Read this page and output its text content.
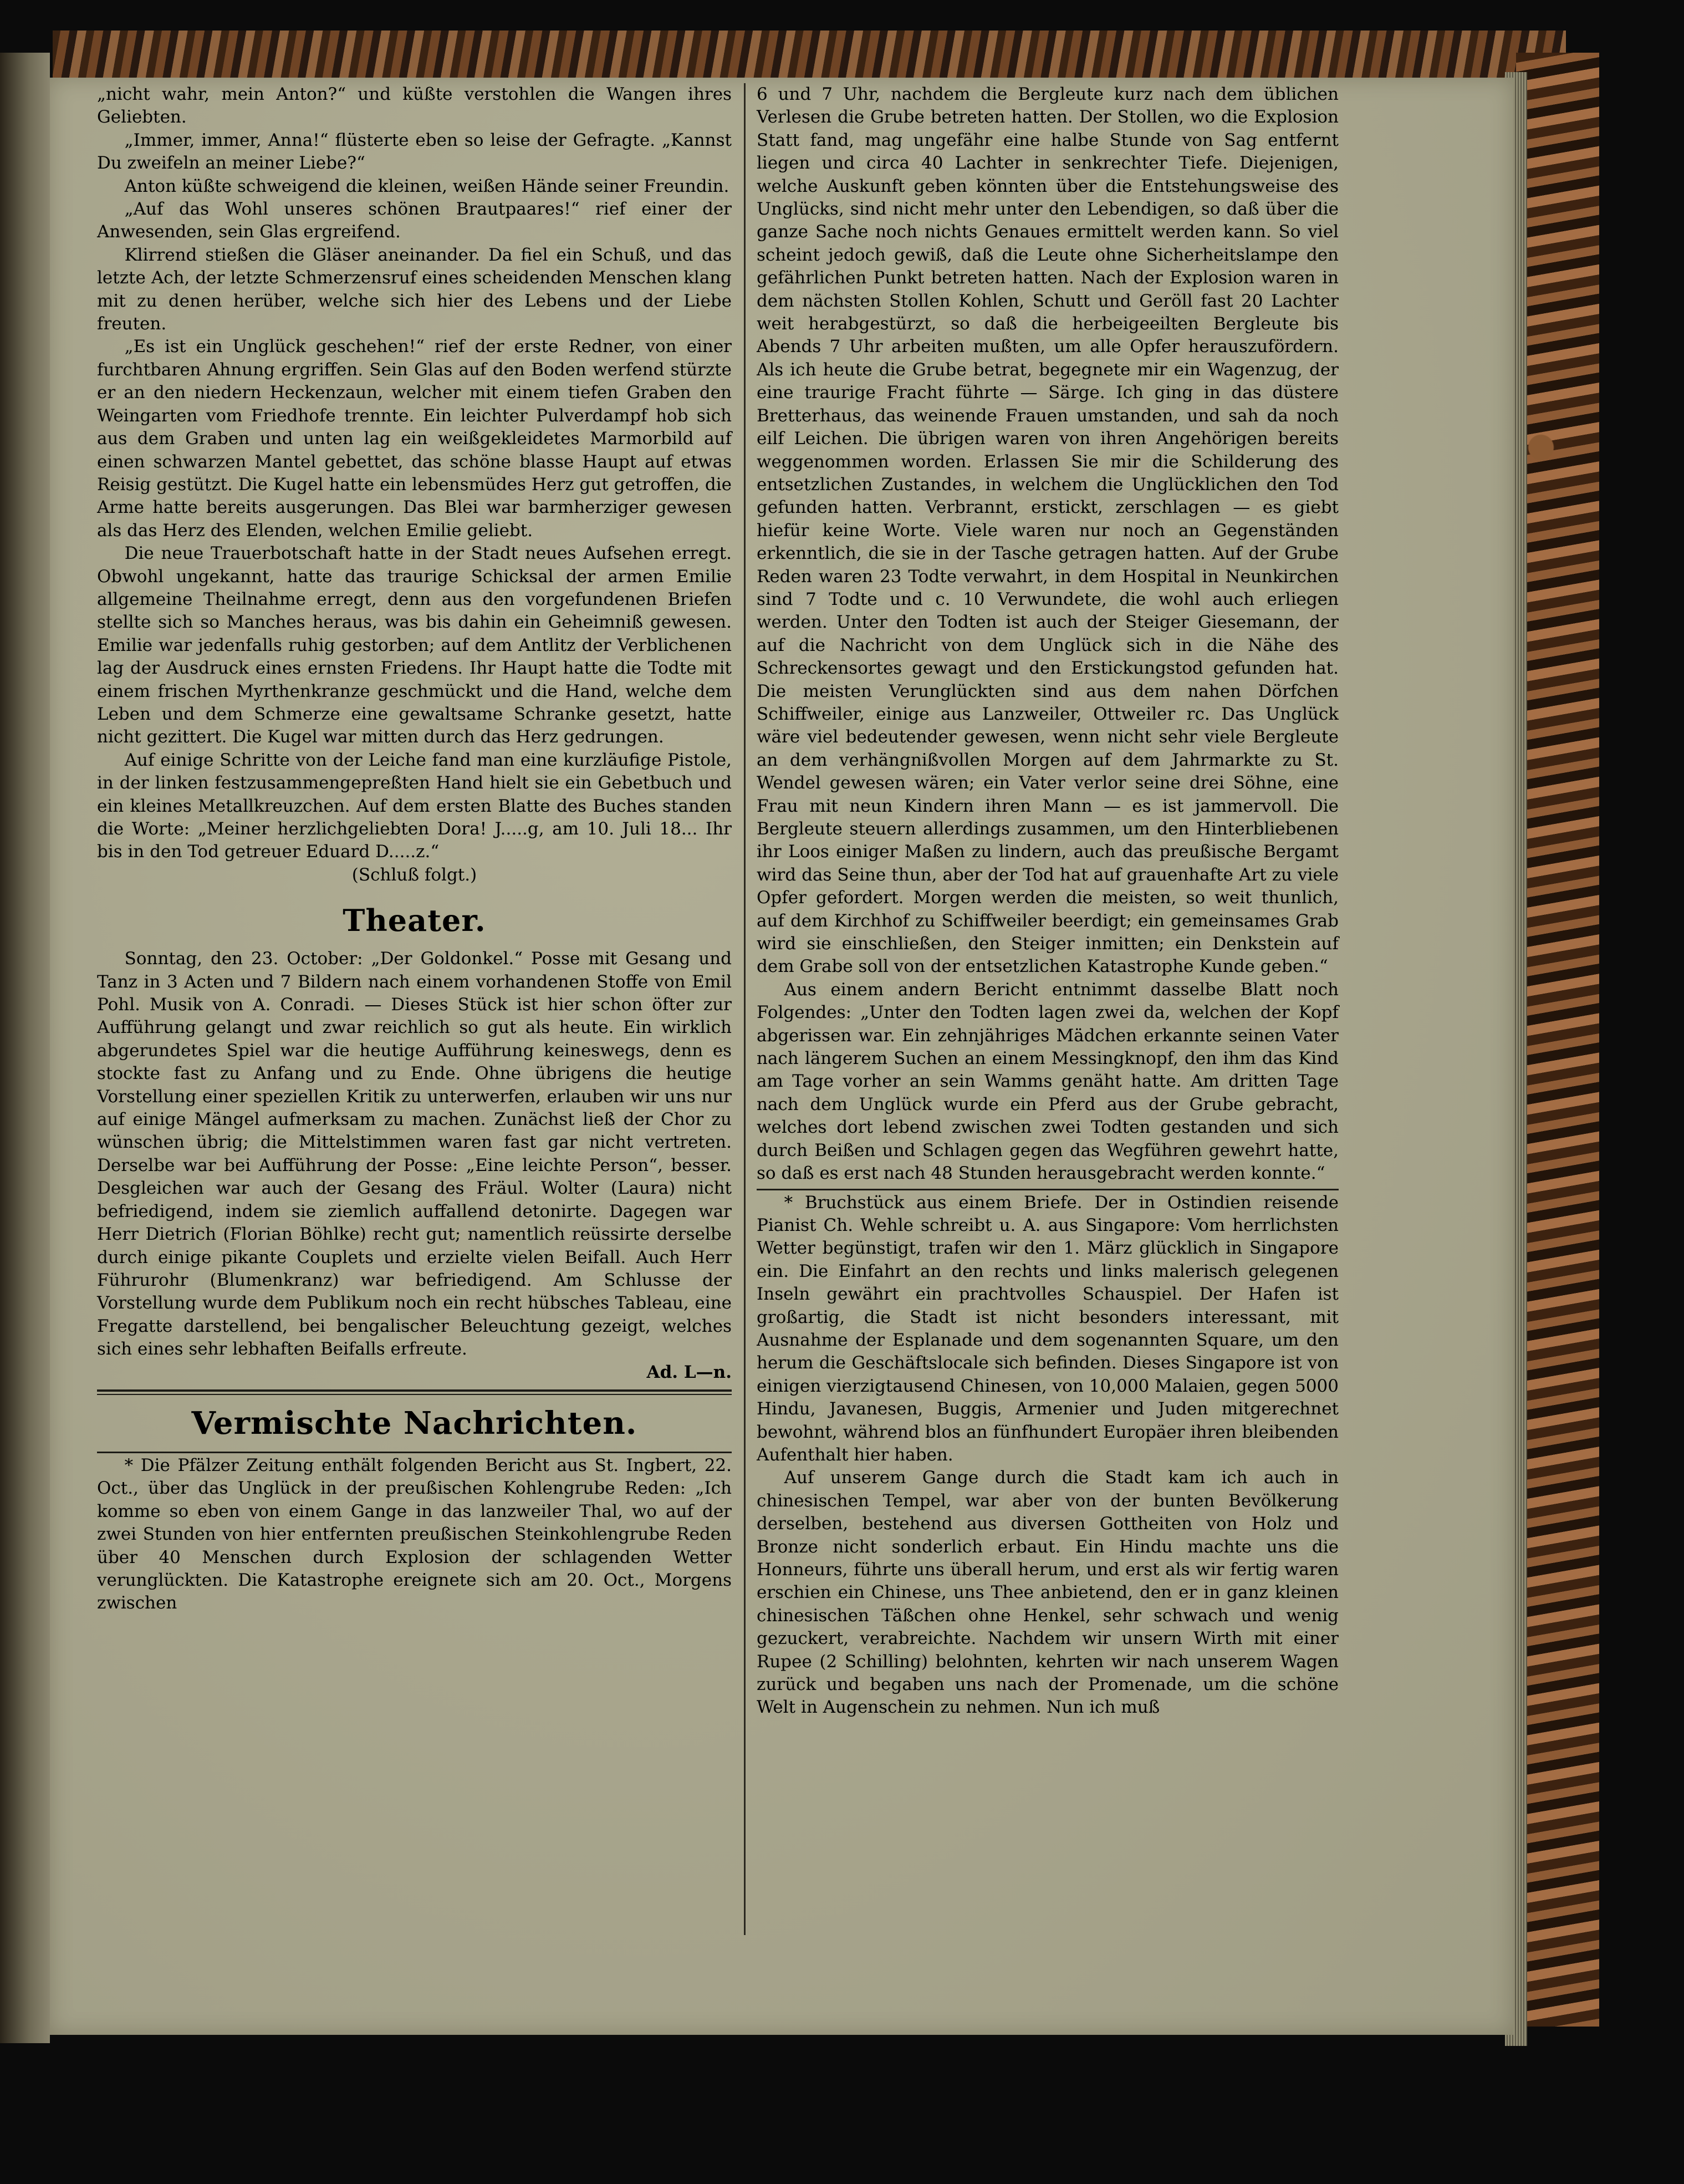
„nicht wahr, mein Anton?“ und küßte verstohlen die Wangen ihres Geliebten.

„Immer, immer, Anna!“ flüsterte eben so leise der Gefragte. „Kannst Du zweifeln an meiner Liebe?“

Anton küßte schweigend die kleinen, weißen Hände seiner Freundin.

„Auf das Wohl unseres schönen Brautpaares!“ rief einer der Anwesenden, sein Glas ergreifend.

Klirrend stießen die Gläser aneinander. Da fiel ein Schuß, und das letzte Ach, der letzte Schmerzensruf eines scheidenden Menschen klang mit zu denen herüber, welche sich hier des Lebens und der Liebe freuten.

„Es ist ein Unglück geschehen!“ rief der erste Redner, von einer furchtbaren Ahnung ergriffen. Sein Glas auf den Boden werfend stürzte er an den niedern Heckenzaun, welcher mit einem tiefen Graben den Weingarten vom Friedhofe trennte. Ein leichter Pulverdampf hob sich aus dem Graben und unten lag ein weißgekleidetes Marmorbild auf einen schwarzen Mantel gebettet, das schöne blasse Haupt auf etwas Reisig gestützt. Die Kugel hatte ein lebensmüdes Herz gut getroffen, die Arme hatte bereits ausgerungen. Das Blei war barmherziger gewesen als das Herz des Elenden, welchen Emilie geliebt.

Die neue Trauerbotschaft hatte in der Stadt neues Aufsehen erregt. Obwohl ungekannt, hatte das traurige Schicksal der armen Emilie allgemeine Theilnahme erregt, denn aus den vorgefundenen Briefen stellte sich so Manches heraus, was bis dahin ein Geheimniß gewesen. Emilie war jedenfalls ruhig gestorben; auf dem Antlitz der Verblichenen lag der Ausdruck eines ernsten Friedens. Ihr Haupt hatte die Todte mit einem frischen Myrthenkranze geschmückt und die Hand, welche dem Leben und dem Schmerze eine gewaltsame Schranke gesetzt, hatte nicht gezittert. Die Kugel war mitten durch das Herz gedrungen.

Auf einige Schritte von der Leiche fand man eine kurzläufige Pistole, in der linken festzusammengepreßten Hand hielt sie ein Gebetbuch und ein kleines Metallkreuzchen. Auf dem ersten Blatte des Buches standen die Worte: „Meiner herzlichgeliebten Dora! J.....g, am 10. Juli 18... Ihr bis in den Tod getreuer Eduard D.....z.“

(Schluß folgt.)

Theater.

Sonntag, den 23. October: „Der Goldonkel.“ Posse mit Gesang und Tanz in 3 Acten und 7 Bildern nach einem vorhandenen Stoffe von Emil Pohl. Musik von A. Conradi. — Dieses Stück ist hier schon öfter zur Aufführung gelangt und zwar reichlich so gut als heute. Ein wirklich abgerundetes Spiel war die heutige Aufführung keineswegs, denn es stockte fast zu Anfang und zu Ende. Ohne übrigens die heutige Vorstellung einer speziellen Kritik zu unterwerfen, erlauben wir uns nur auf einige Mängel aufmerksam zu machen. Zunächst ließ der Chor zu wünschen übrig; die Mittelstimmen waren fast gar nicht vertreten. Derselbe war bei Aufführung der Posse: „Eine leichte Person“, besser. Desgleichen war auch der Gesang des Fräul. Wolter (Laura) nicht befriedigend, indem sie ziemlich auffallend detonirte. Dagegen war Herr Dietrich (Florian Böhlke) recht gut; namentlich reüssirte derselbe durch einige pikante Couplets und erzielte vielen Beifall. Auch Herr Führurohr (Blumenkranz) war befriedigend. Am Schlusse der Vorstellung wurde dem Publikum noch ein recht hübsches Tableau, eine Fregatte darstellend, bei bengalischer Beleuchtung gezeigt, welches sich eines sehr lebhaften Beifalls erfreute.

Ad. L—n.

Vermischte Nachrichten.

* Die Pfälzer Zeitung enthält folgenden Bericht aus St. Ingbert, 22. Oct., über das Unglück in der preußischen Kohlengrube Reden: „Ich komme so eben von einem Gange in das lanzweiler Thal, wo auf der zwei Stunden von hier entfernten preußischen Steinkohlengrube Reden über 40 Menschen durch Explosion der schlagenden Wetter verunglückten. Die Katastrophe ereignete sich am 20. Oct., Morgens zwischen

6 und 7 Uhr, nachdem die Bergleute kurz nach dem üblichen Verlesen die Grube betreten hatten. Der Stollen, wo die Explosion Statt fand, mag ungefähr eine halbe Stunde von Sag entfernt liegen und circa 40 Lachter in senkrechter Tiefe. Diejenigen, welche Auskunft geben könnten über die Entstehungsweise des Unglücks, sind nicht mehr unter den Lebendigen, so daß über die ganze Sache noch nichts Genaues ermittelt werden kann. So viel scheint jedoch gewiß, daß die Leute ohne Sicherheitslampe den gefährlichen Punkt betreten hatten. Nach der Explosion waren in dem nächsten Stollen Kohlen, Schutt und Geröll fast 20 Lachter weit herabgestürzt, so daß die herbeigeeilten Bergleute bis Abends 7 Uhr arbeiten mußten, um alle Opfer herauszufördern. Als ich heute die Grube betrat, begegnete mir ein Wagenzug, der eine traurige Fracht führte — Särge. Ich ging in das düstere Bretterhaus, das weinende Frauen umstanden, und sah da noch eilf Leichen. Die übrigen waren von ihren Angehörigen bereits weggenommen worden. Erlassen Sie mir die Schilderung des entsetzlichen Zustandes, in welchem die Unglücklichen den Tod gefunden hatten. Verbrannt, erstickt, zerschlagen — es giebt hiefür keine Worte. Viele waren nur noch an Gegenständen erkenntlich, die sie in der Tasche getragen hatten. Auf der Grube Reden waren 23 Todte verwahrt, in dem Hospital in Neunkirchen sind 7 Todte und c. 10 Verwundete, die wohl auch erliegen werden. Unter den Todten ist auch der Steiger Giesemann, der auf die Nachricht von dem Unglück sich in die Nähe des Schreckensortes gewagt und den Erstickungstod gefunden hat. Die meisten Verunglückten sind aus dem nahen Dörfchen Schiffweiler, einige aus Lanzweiler, Ottweiler rc. Das Unglück wäre viel bedeutender gewesen, wenn nicht sehr viele Bergleute an dem verhängnißvollen Morgen auf dem Jahrmarkte zu St. Wendel gewesen wären; ein Vater verlor seine drei Söhne, eine Frau mit neun Kindern ihren Mann — es ist jammervoll. Die Bergleute steuern allerdings zusammen, um den Hinterbliebenen ihr Loos einiger Maßen zu lindern, auch das preußische Bergamt wird das Seine thun, aber der Tod hat auf grauenhafte Art zu viele Opfer gefordert. Morgen werden die meisten, so weit thunlich, auf dem Kirchhof zu Schiffweiler beerdigt; ein gemeinsames Grab wird sie einschließen, den Steiger inmitten; ein Denkstein auf dem Grabe soll von der entsetzlichen Katastrophe Kunde geben.“

Aus einem andern Bericht entnimmt dasselbe Blatt noch Folgendes: „Unter den Todten lagen zwei da, welchen der Kopf abgerissen war. Ein zehnjähriges Mädchen erkannte seinen Vater nach längerem Suchen an einem Messingknopf, den ihm das Kind am Tage vorher an sein Wamms genäht hatte. Am dritten Tage nach dem Unglück wurde ein Pferd aus der Grube gebracht, welches dort lebend zwischen zwei Todten gestanden und sich durch Beißen und Schlagen gegen das Wegführen gewehrt hatte, so daß es erst nach 48 Stunden herausgebracht werden konnte.“

* Bruchstück aus einem Briefe. Der in Ostindien reisende Pianist Ch. Wehle schreibt u. A. aus Singapore: Vom herrlichsten Wetter begünstigt, trafen wir den 1. März glücklich in Singapore ein. Die Einfahrt an den rechts und links malerisch gelegenen Inseln gewährt ein prachtvolles Schauspiel. Der Hafen ist großartig, die Stadt ist nicht besonders interessant, mit Ausnahme der Esplanade und dem sogenannten Square, um den herum die Geschäftslocale sich befinden. Dieses Singapore ist von einigen vierzigtausend Chinesen, von 10,000 Malaien, gegen 5000 Hindu, Javanesen, Buggis, Armenier und Juden mitgerechnet bewohnt, während blos an fünfhundert Europäer ihren bleibenden Aufenthalt hier haben.

Auf unserem Gange durch die Stadt kam ich auch in chinesischen Tempel, war aber von der bunten Bevölkerung derselben, bestehend aus diversen Gottheiten von Holz und Bronze nicht sonderlich erbaut. Ein Hindu machte uns die Honneurs, führte uns überall herum, und erst als wir fertig waren erschien ein Chinese, uns Thee anbietend, den er in ganz kleinen chinesischen Täßchen ohne Henkel, sehr schwach und wenig gezuckert, verabreichte. Nachdem wir unsern Wirth mit einer Rupee (2 Schilling) belohnten, kehrten wir nach unserem Wagen zurück und begaben uns nach der Promenade, um die schöne Welt in Augenschein zu nehmen. Nun ich muß
